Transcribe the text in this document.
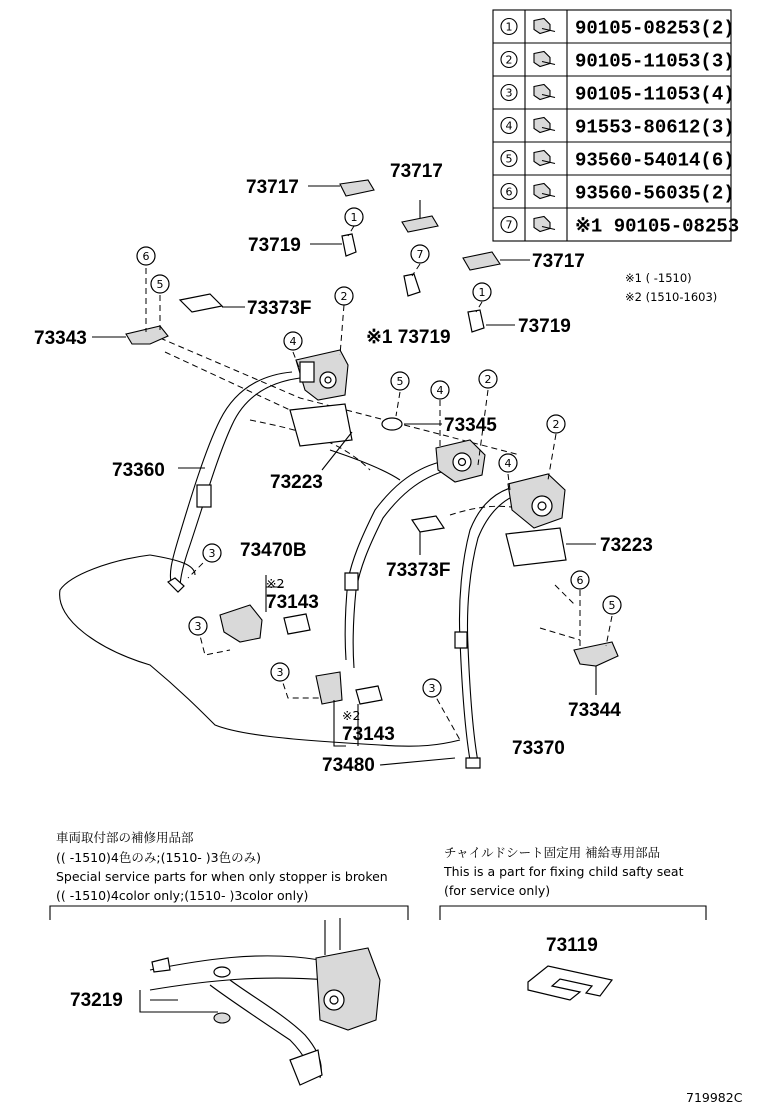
1	90105-08253(2)
2	90105-11053(3)
3	90105-11053(4)
4	91553-80612(3)
5	93560-54014(6)
6	93560-56035(2)
7	※1 90105-08253
※1 ( -1510)
※2 (1510-1603)
6
5
2
4
1
7
1
5
4
2
2
4
3
3
3
3
6
5
73717
73717
73717
73719
※1 73719
73719
73373F
73373F
73343
73360
73223
73223
73345
73470B
※2
73143
※2
73143
73480
73370
73344
車両取付部の補修用品部
(( -1510)4色のみ;(1510- )3色のみ)
Special service parts for when only stopper is broken
(( -1510)4color only;(1510- )3color only)
73219
チャイルドシート固定用 補給専用部品
This is a part for fixing child safty seat
(for service only)
73119
719982C
